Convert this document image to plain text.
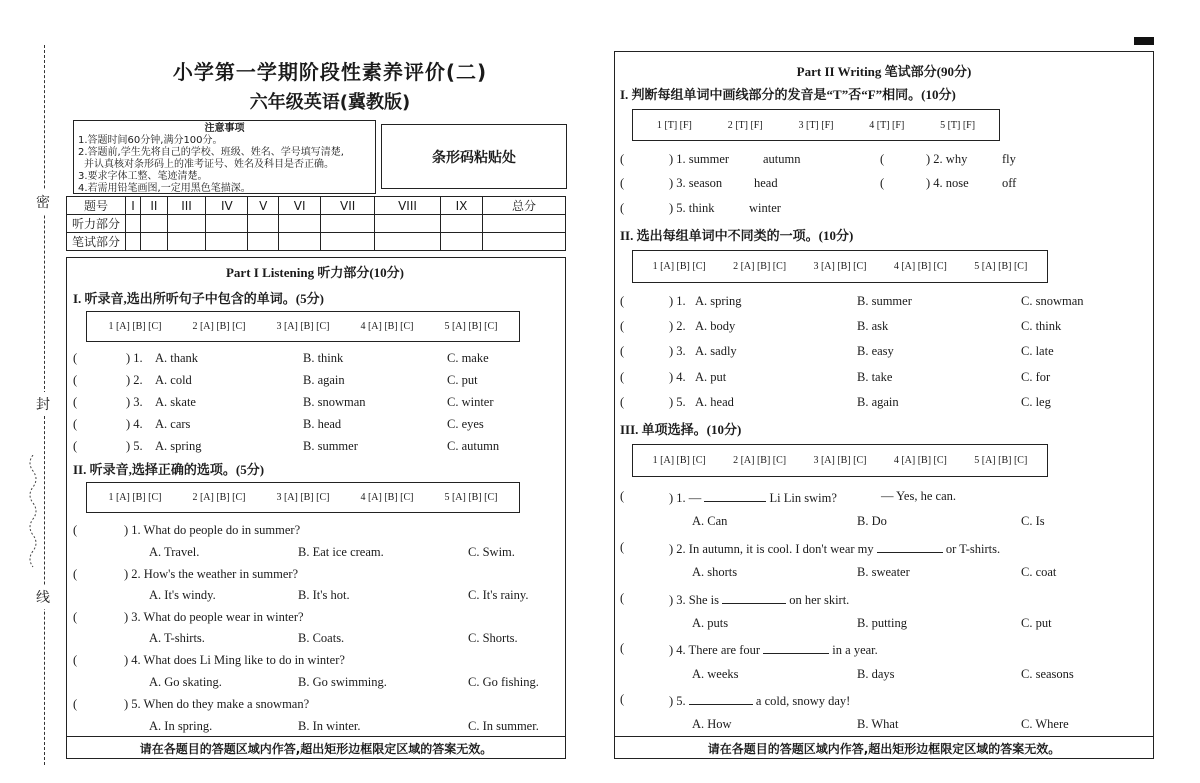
密
封
线
小学第一学期阶段性素养评价(二)
六年级英语(冀教版)
注意事项
1.答题时间60分钟,满分100分。
2.答题前,学生先将自己的学校、班级、姓名、学号填写清楚,
并认真核对条形码上的准考证号、姓名及科目是否正确。
3.要求字体工整、笔迹清楚。
4.若需用铅笔画图,一定用黑色笔描深。
条形码粘贴处
题号	I	II	III	IV	V	VI	VII	VIII	IX	总分
听力部分										
笔试部分										
Part I Listening 听力部分(10分)
I. 听录音,选出所听句子中包含的单词。(5分)
1 [A] [B] [C]	2 [A] [B] [C]	3 [A] [B] [C]	4 [A] [B] [C]	5 [A] [B] [C]
(	) 1. A. thank	B. think	C. make
(	) 2. A. cold	B. again	C. put
(	) 3. A. skate	B. snowman	C. winter
(	) 4. A. cars	B. head	C. eyes
(	) 5. A. spring	B. summer	C. autumn
II. 听录音,选择正确的选项。(5分)
1 [A] [B] [C]	2 [A] [B] [C]	3 [A] [B] [C]	4 [A] [B] [C]	5 [A] [B] [C]
(	) 1. What do people do in summer?
A. Travel.	B. Eat ice cream.	C. Swim.
(	) 2. How's the weather in summer?
A. It's windy.	B. It's hot.	C. It's rainy.
(	) 3. What do people wear in winter?
A. T-shirts.	B. Coats.	C. Shorts.
(	) 4. What does Li Ming like to do in winter?
A. Go skating.	B. Go swimming.	C. Go fishing.
(	) 5. When do they make a snowman?
A. In spring.	B. In winter.	C. In summer.
请在各题目的答题区域内作答,超出矩形边框限定区域的答案无效。
Part II Writing 笔试部分(90分)
I. 判断每组单词中画线部分的发音是“T”否“F”相同。(10分)
1 [T] [F]	2 [T] [F]	3 [T] [F]	4 [T] [F]	5 [T] [F]
(	) 1. summer	autumn	(	) 2. why	fly
(	) 3. season	head	(	) 4. nose	off
(	) 5. think	winter
II. 选出每组单词中不同类的一项。(10分)
1 [A] [B] [C]	2 [A] [B] [C]	3 [A] [B] [C]	4 [A] [B] [C]	5 [A] [B] [C]
(	) 1. A. spring	B. summer	C. snowman
(	) 2. A. body	B. ask	C. think
(	) 3. A. sadly	B. easy	C. late
(	) 4. A. put	B. take	C. for
(	) 5. A. head	B. again	C. leg
III. 单项选择。(10分)
1 [A] [B] [C]	2 [A] [B] [C]	3 [A] [B] [C]	4 [A] [B] [C]	5 [A] [B] [C]
(	) 1. —	Li Lin swim?	— Yes, he can.
A. Can	B. Do	C. Is
(	) 2. In autumn, it is cool. I don't wear my	or T-shirts.
A. shorts	B. sweater	C. coat
(	) 3. She is	on her skirt.
A. puts	B. putting	C. put
(	) 4. There are four	in a year.
A. weeks	B. days	C. seasons
(	) 5.	a cold, snowy day!
A. How	B. What	C. Where
请在各题目的答题区域内作答,超出矩形边框限定区域的答案无效。
